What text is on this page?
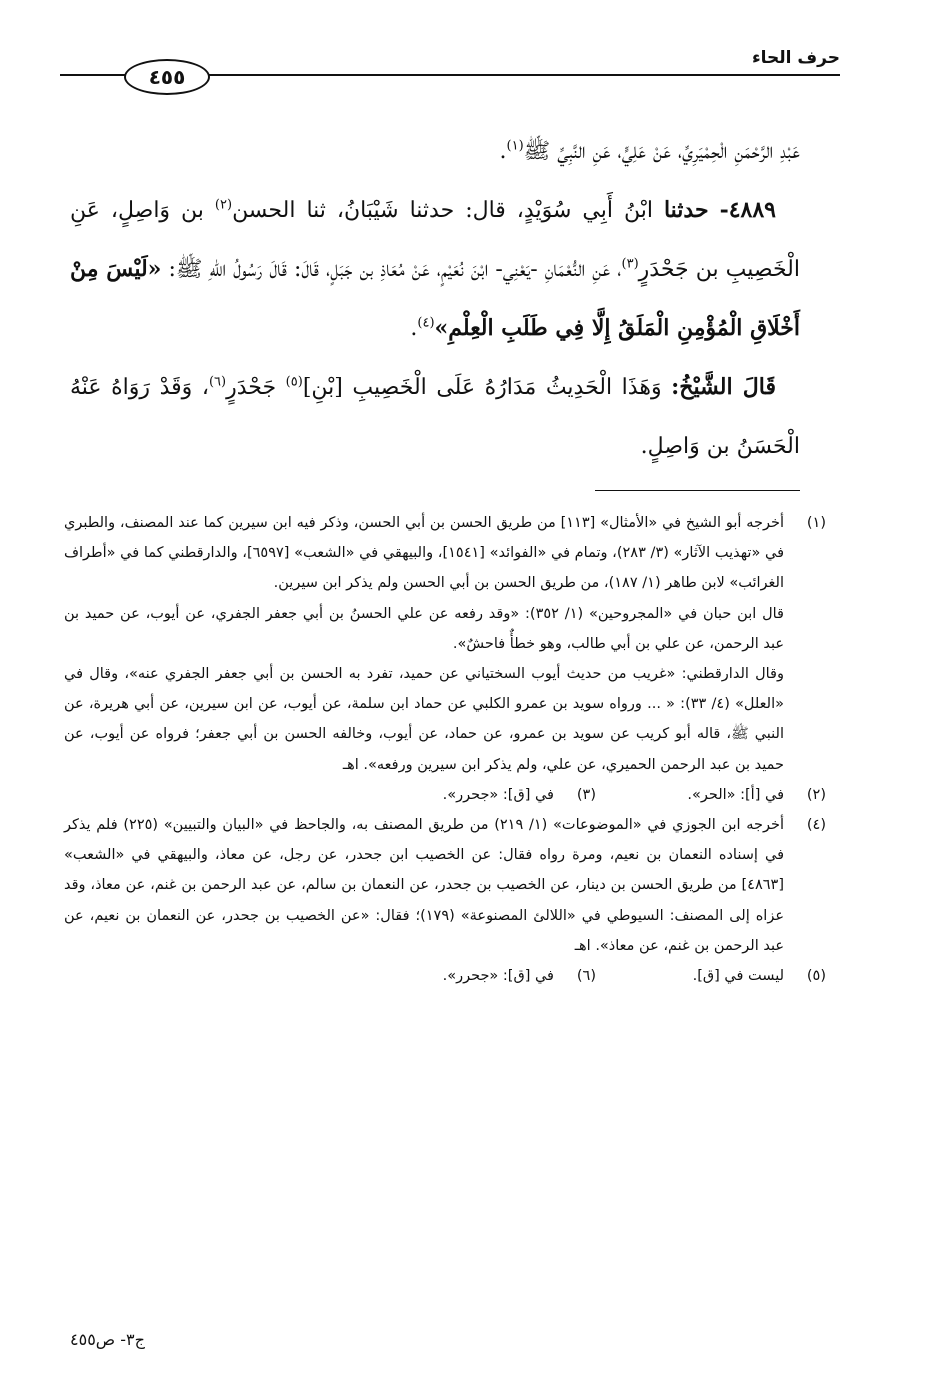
حرف الحاء
٤٥٥

عَبْدِ الرَّحْمَنِ الْحِمْيَرِيِّ، عَنْ عَلِيٍّ، عَنِ النَّبِيِّ ﷺ$^{(١)}$.

٤٨٨٩- حدثنا ابْنُ أَبِي سُوَيْدٍ، قال: حدثنا شَيْبَانُ، ثنا الحسن$^{(٢)}$ بن وَاصِلٍ، عَنِ الْخَصِيبِ بن جَحْدَرٍ$^{(٣)}$، عَنِ النُّعْمَانِ -يَعْنِي- ابْنَ نُعَيْمٍ، عَنْ مُعَاذِ بن جَبَلٍ، قَالَ: قَالَ رَسُولُ اللهِ ﷺ: «لَيْسَ مِنْ أَخْلَاقِ الْمُؤْمِنِ الْمَلَقُ إِلَّا فِي طَلَبِ الْعِلْمِ»$^{(٤)}$.

قَالَ الشَّيْخُ: وَهَذَا الْحَدِيثُ مَدَارُهُ عَلَى الْخَصِيبِ [بْنِ]$^{(٥)}$ جَحْدَرٍ$^{(٦)}$، وَقَدْ رَوَاهُ عَنْهُ الْحَسَنُ بن وَاصِلٍ.

(١)

أخرجه أبو الشيخ في «الأمثال» [١١٣] من طريق الحسن بن أبي الحسن، وذكر فيه ابن سيرين كما عند المصنف، والطبري في «تهذيب الآثار» (٣/ ٢٨٣)، وتمام في «الفوائد» [١٥٤١]، والبيهقي في «الشعب» [٦٥٩٧]، والدارقطني كما في «أطراف الغرائب» لابن طاهر (١/ ١٨٧)، من طريق الحسن بن أبي الحسن ولم يذكر ابن سيرين.

قال ابن حبان في «المجروحين» (١/ ٣٥٢): «وقد رفعه عن علي الحسنُ بن أبي جعفر الجفري، عن أيوب، عن حميد بن عبد الرحمن، عن علي بن أبي طالب، وهو خطأٌ فاحشٌ».

وقال الدارقطني: «غريب من حديث أيوب السختياني عن حميد، تفرد به الحسن بن أبي جعفر الجفري عنه»، وقال في «العلل» (٤/ ٣٣): « ... ورواه سويد بن عمرو الكلبي عن حماد ابن سلمة، عن أيوب، عن ابن سيرين، عن أبي هريرة، عن النبي ﷺ، قاله أبو كريب عن سويد بن عمرو، عن حماد، عن أيوب، وخالفه الحسن بن أبي جعفر؛ فرواه عن أيوب، عن حميد بن عبد الرحمن الحميري، عن علي، ولم يذكر ابن سيرين ورفعه». اهـ

(٢)
في [أ]: «الحر».
(٣)
في [ق]: «جحرر».
(٤)
أخرجه ابن الجوزي في «الموضوعات» (١/ ٢١٩) من طريق المصنف به، والجاحظ في «البيان والتبيين» (٢٢٥) فلم يذكر في إسناده النعمان بن نعيم، ومرة رواه فقال: عن الخصيب ابن جحدر، عن رجل، عن معاذ، والبيهقي في «الشعب» [٤٨٦٣] من طريق الحسن بن دينار، عن الخصيب بن جحدر، عن النعمان بن سالم، عن عبد الرحمن بن غنم، عن معاذ، وقد عزاه إلى المصنف: السيوطي في «اللالئ المصنوعة» (١٧٩)؛ فقال: «عن الخصيب بن جحدر، عن النعمان بن نعيم، عن عبد الرحمن بن غنم، عن معاذ». اهـ
(٥)
ليست في [ق].
(٦)
في [ق]: «جحرر».
ج٣- ص٤٥٥
